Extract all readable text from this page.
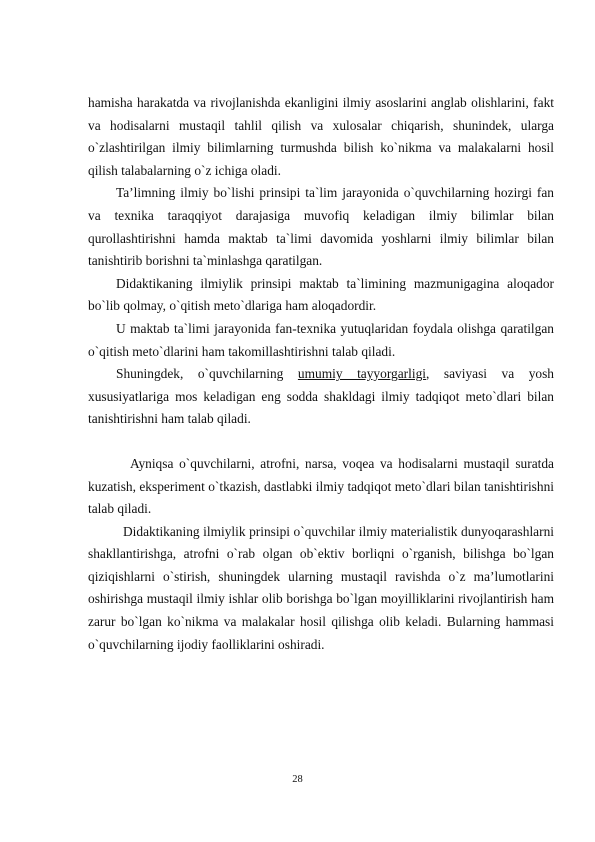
hamisha harakatda va rivojlanishda ekanligini ilmiy asoslarini anglab olishlarini, fakt va hodisalarni mustaqil tahlil qilish va xulosalar chiqarish, shunindek, ularga o`zlashtirilgan ilmiy bilimlarning turmushda bilish ko`nikma va malakalarni hosil qilish talabalarning o`z ichiga oladi.

Ta’limning ilmiy bo`lishi prinsipi ta`lim jarayonida o`quvchilarning hozirgi fan va texnika taraqqiyot darajasiga muvofiq keladigan ilmiy bilimlar bilan qurollashtirishni hamda maktab ta`limi davomida yoshlarni ilmiy bilimlar bilan tanishtirib borishni ta`minlashga qaratilgan.

Didaktikaning ilmiylik prinsipi maktab ta`limining mazmunigagina aloqador bo`lib qolmay, o`qitish meto`dlariga ham aloqadordir.

U maktab ta`limi jarayonida fan-texnika yutuqlaridan foydala olishga qaratilgan o`qitish meto`dlarini ham takomillashtirishni talab qiladi.

Shuningdek, o`quvchilarning umumiy tayyorgarligi, saviyasi va yosh xususiyatlariga mos keladigan eng sodda shakldagi ilmiy tadqiqot meto`dlari bilan tanishtirishni ham talab qiladi.

Ayniqsa o`quvchilarni, atrofni, narsa, voqea va hodisalarni mustaqil suratda kuzatish, eksperiment o`tkazish, dastlabki ilmiy tadqiqot meto`dlari bilan tanishtirishni talab qiladi.

Didaktikaning ilmiylik prinsipi o`quvchilar ilmiy materialistik dunyoqarashlarni shakllantirishga, atrofni o`rab olgan ob`ektiv borliqni o`rganish, bilishga bo`lgan qiziqishlarni o`stirish, shuningdek ularning mustaqil ravishda o`z ma’lumotlarini oshirishga mustaqil ilmiy ishlar olib borishga bo`lgan moyilliklarini rivojlantirish ham zarur bo`lgan ko`nikma va malakalar hosil qilishga olib keladi. Bularning hammasi o`quvchilarning ijodiy faolliklarini oshiradi.

28
